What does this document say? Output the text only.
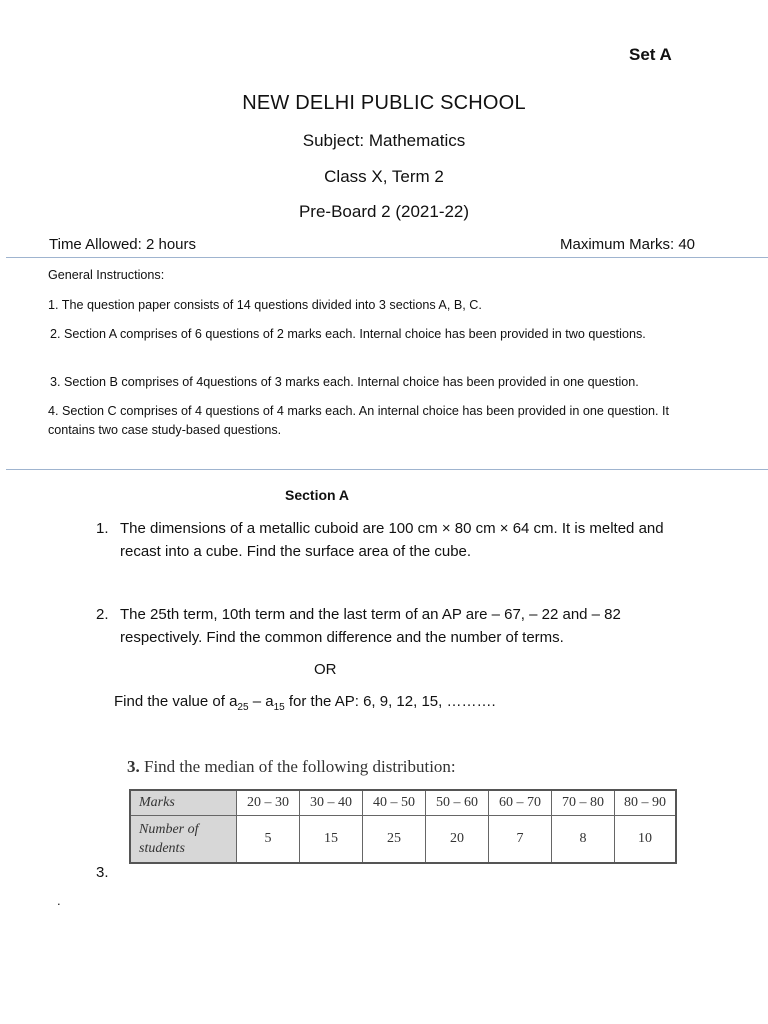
Set A
NEW DELHI PUBLIC SCHOOL
Subject: Mathematics
Class X, Term 2
Pre-Board 2 (2021-22)
Time Allowed: 2 hours	Maximum Marks: 40
General Instructions:
1. The question paper consists of 14 questions divided into 3 sections A, B, C.
2. Section A comprises of 6 questions of 2 marks each. Internal choice has been provided in two questions.
3. Section B comprises of 4questions of 3 marks each. Internal choice has been provided in one question.
4. Section C comprises of 4 questions of 4 marks each. An internal choice has been provided in one question. It contains two case study-based questions.
Section A
1. The dimensions of a metallic cuboid are 100 cm × 80 cm × 64 cm. It is melted and recast into a cube. Find the surface area of the cube.
2. The 25th term, 10th term and the last term of an AP are – 67, – 22 and – 82 respectively. Find the common difference and the number of terms.
OR
Find the value of $a_{25} - a_{15}$ for the AP: 6, 9, 12, 15, ……….
3. Find the median of the following distribution:
Marks	20 – 30	30 – 40	40 – 50	50 – 60	60 – 70	70 – 80	80 – 90
Number of students	5	15	25	20	7	8	10
3.
.
